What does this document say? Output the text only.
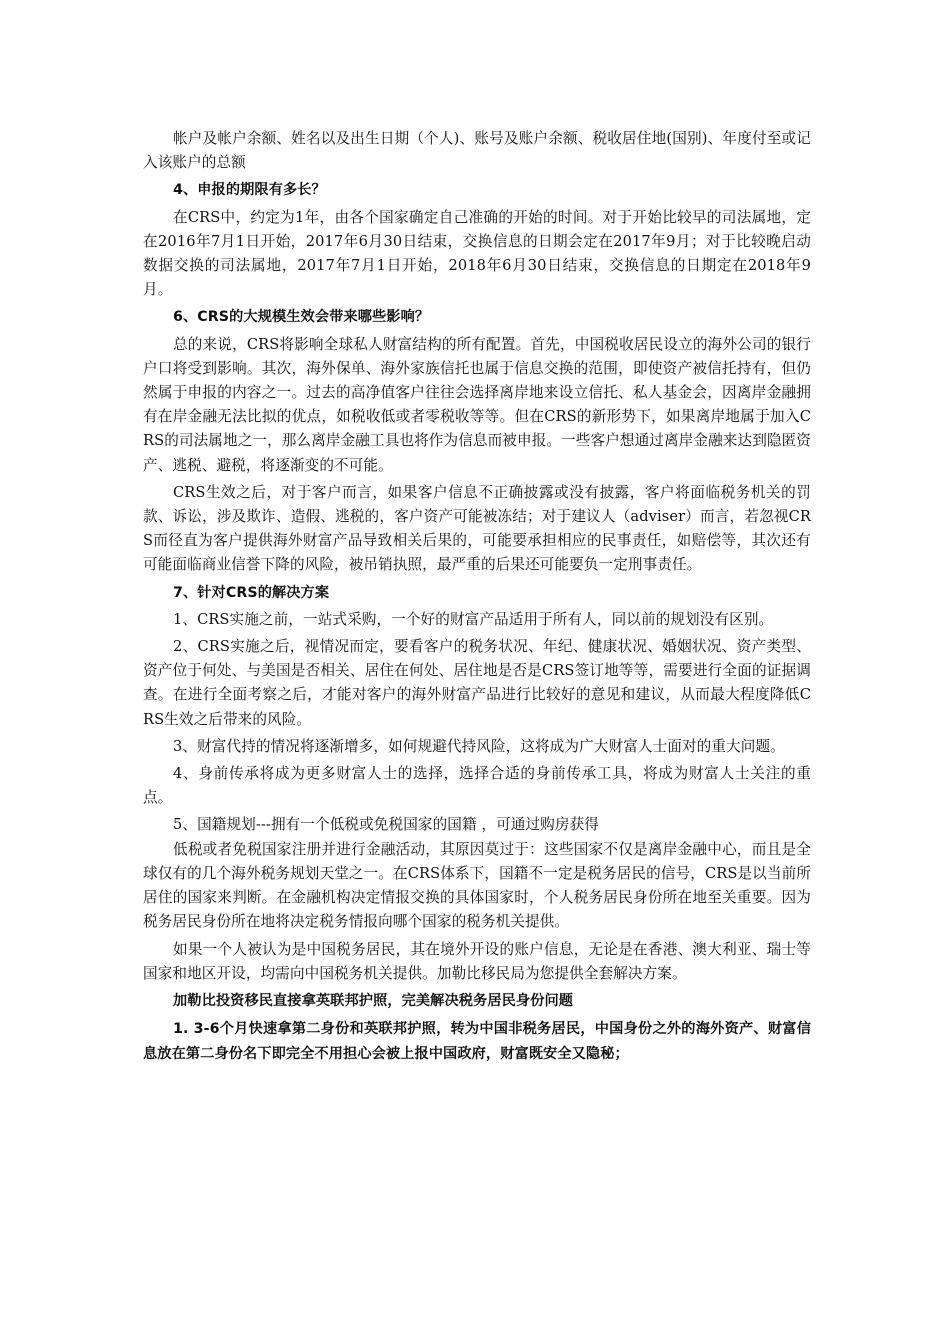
帐户及帐户余额、姓名以及出生日期（个人)、账号及账户余额、税收居住地(国别)、年度付至或记入该账户的总额

4、申报的期限有多长？

在CRS中，约定为1年，由各个国家确定自己准确的开始的时间。对于开始比较早的司法属地，定在2016年7月1日开始，2017年6月30日结束，交换信息的日期会定在2017年9月；对于比较晚启动数据交换的司法属地，2017年7月1日开始，2018年6月30日结束，交换信息的日期定在2018年9月。

6、CRS的大规模生效会带来哪些影响？

总的来说，CRS将影响全球私人财富结构的所有配置。首先，中国税收居民设立的海外公司的银行户口将受到影响。其次，海外保单、海外家族信托也属于信息交换的范围，即使资产被信托持有，但仍然属于申报的内容之一。过去的高净值客户往往会选择离岸地来设立信托、私人基金会，因离岸金融拥有在岸金融无法比拟的优点，如税收低或者零税收等等。但在CRS的新形势下，如果离岸地属于加入CRS的司法属地之一，那么离岸金融工具也将作为信息而被申报。一些客户想通过离岸金融来达到隐匿资产、逃税、避税，将逐渐变的不可能。

CRS生效之后，对于客户而言，如果客户信息不正确披露或没有披露，客户将面临税务机关的罚款、诉讼，涉及欺诈、造假、逃税的，客户资产可能被冻结；对于建议人（adviser）而言，若忽视CRS而径直为客户提供海外财富产品导致相关后果的，可能要承担相应的民事责任，如赔偿等，其次还有可能面临商业信誉下降的风险，被吊销执照，最严重的后果还可能要负一定刑事责任。

7、针对CRS的解决方案

1、CRS实施之前，一站式采购，一个好的财富产品适用于所有人，同以前的规划没有区别。

2、CRS实施之后，视情况而定，要看客户的税务状况、年纪、健康状况、婚姻状况、资产类型、资产位于何处、与美国是否相关、居住在何处、居住地是否是CRS签订地等等，需要进行全面的证据调查。在进行全面考察之后，才能对客户的海外财富产品进行比较好的意见和建议，从而最大程度降低CRS生效之后带来的风险。

3、财富代持的情况将逐渐增多，如何规避代持风险，这将成为广大财富人士面对的重大问题。

4、身前传承将成为更多财富人士的选择，选择合适的身前传承工具，将成为财富人士关注的重点。

5、国籍规划---拥有一个低税或免税国家的国籍 ，可通过购房获得

低税或者免税国家注册并进行金融活动，其原因莫过于：这些国家不仅是离岸金融中心，而且是全球仅有的几个海外税务规划天堂之一。在CRS体系下，国籍不一定是税务居民的信号，CRS是以当前所居住的国家来判断。在金融机构决定情报交换的具体国家时，个人税务居民身份所在地至关重要。因为税务居民身份所在地将决定税务情报向哪个国家的税务机关提供。

如果一个人被认为是中国税务居民，其在境外开设的账户信息，无论是在香港、澳大利亚、瑞士等国家和地区开设，均需向中国税务机关提供。加勒比移民局为您提供全套解决方案。

加勒比投资移民直接拿英联邦护照，完美解决税务居民身份问题

1. 3-6个月快速拿第二身份和英联邦护照，转为中国非税务居民，中国身份之外的海外资产、财富信息放在第二身份名下即完全不用担心会被上报中国政府，财富既安全又隐秘；
